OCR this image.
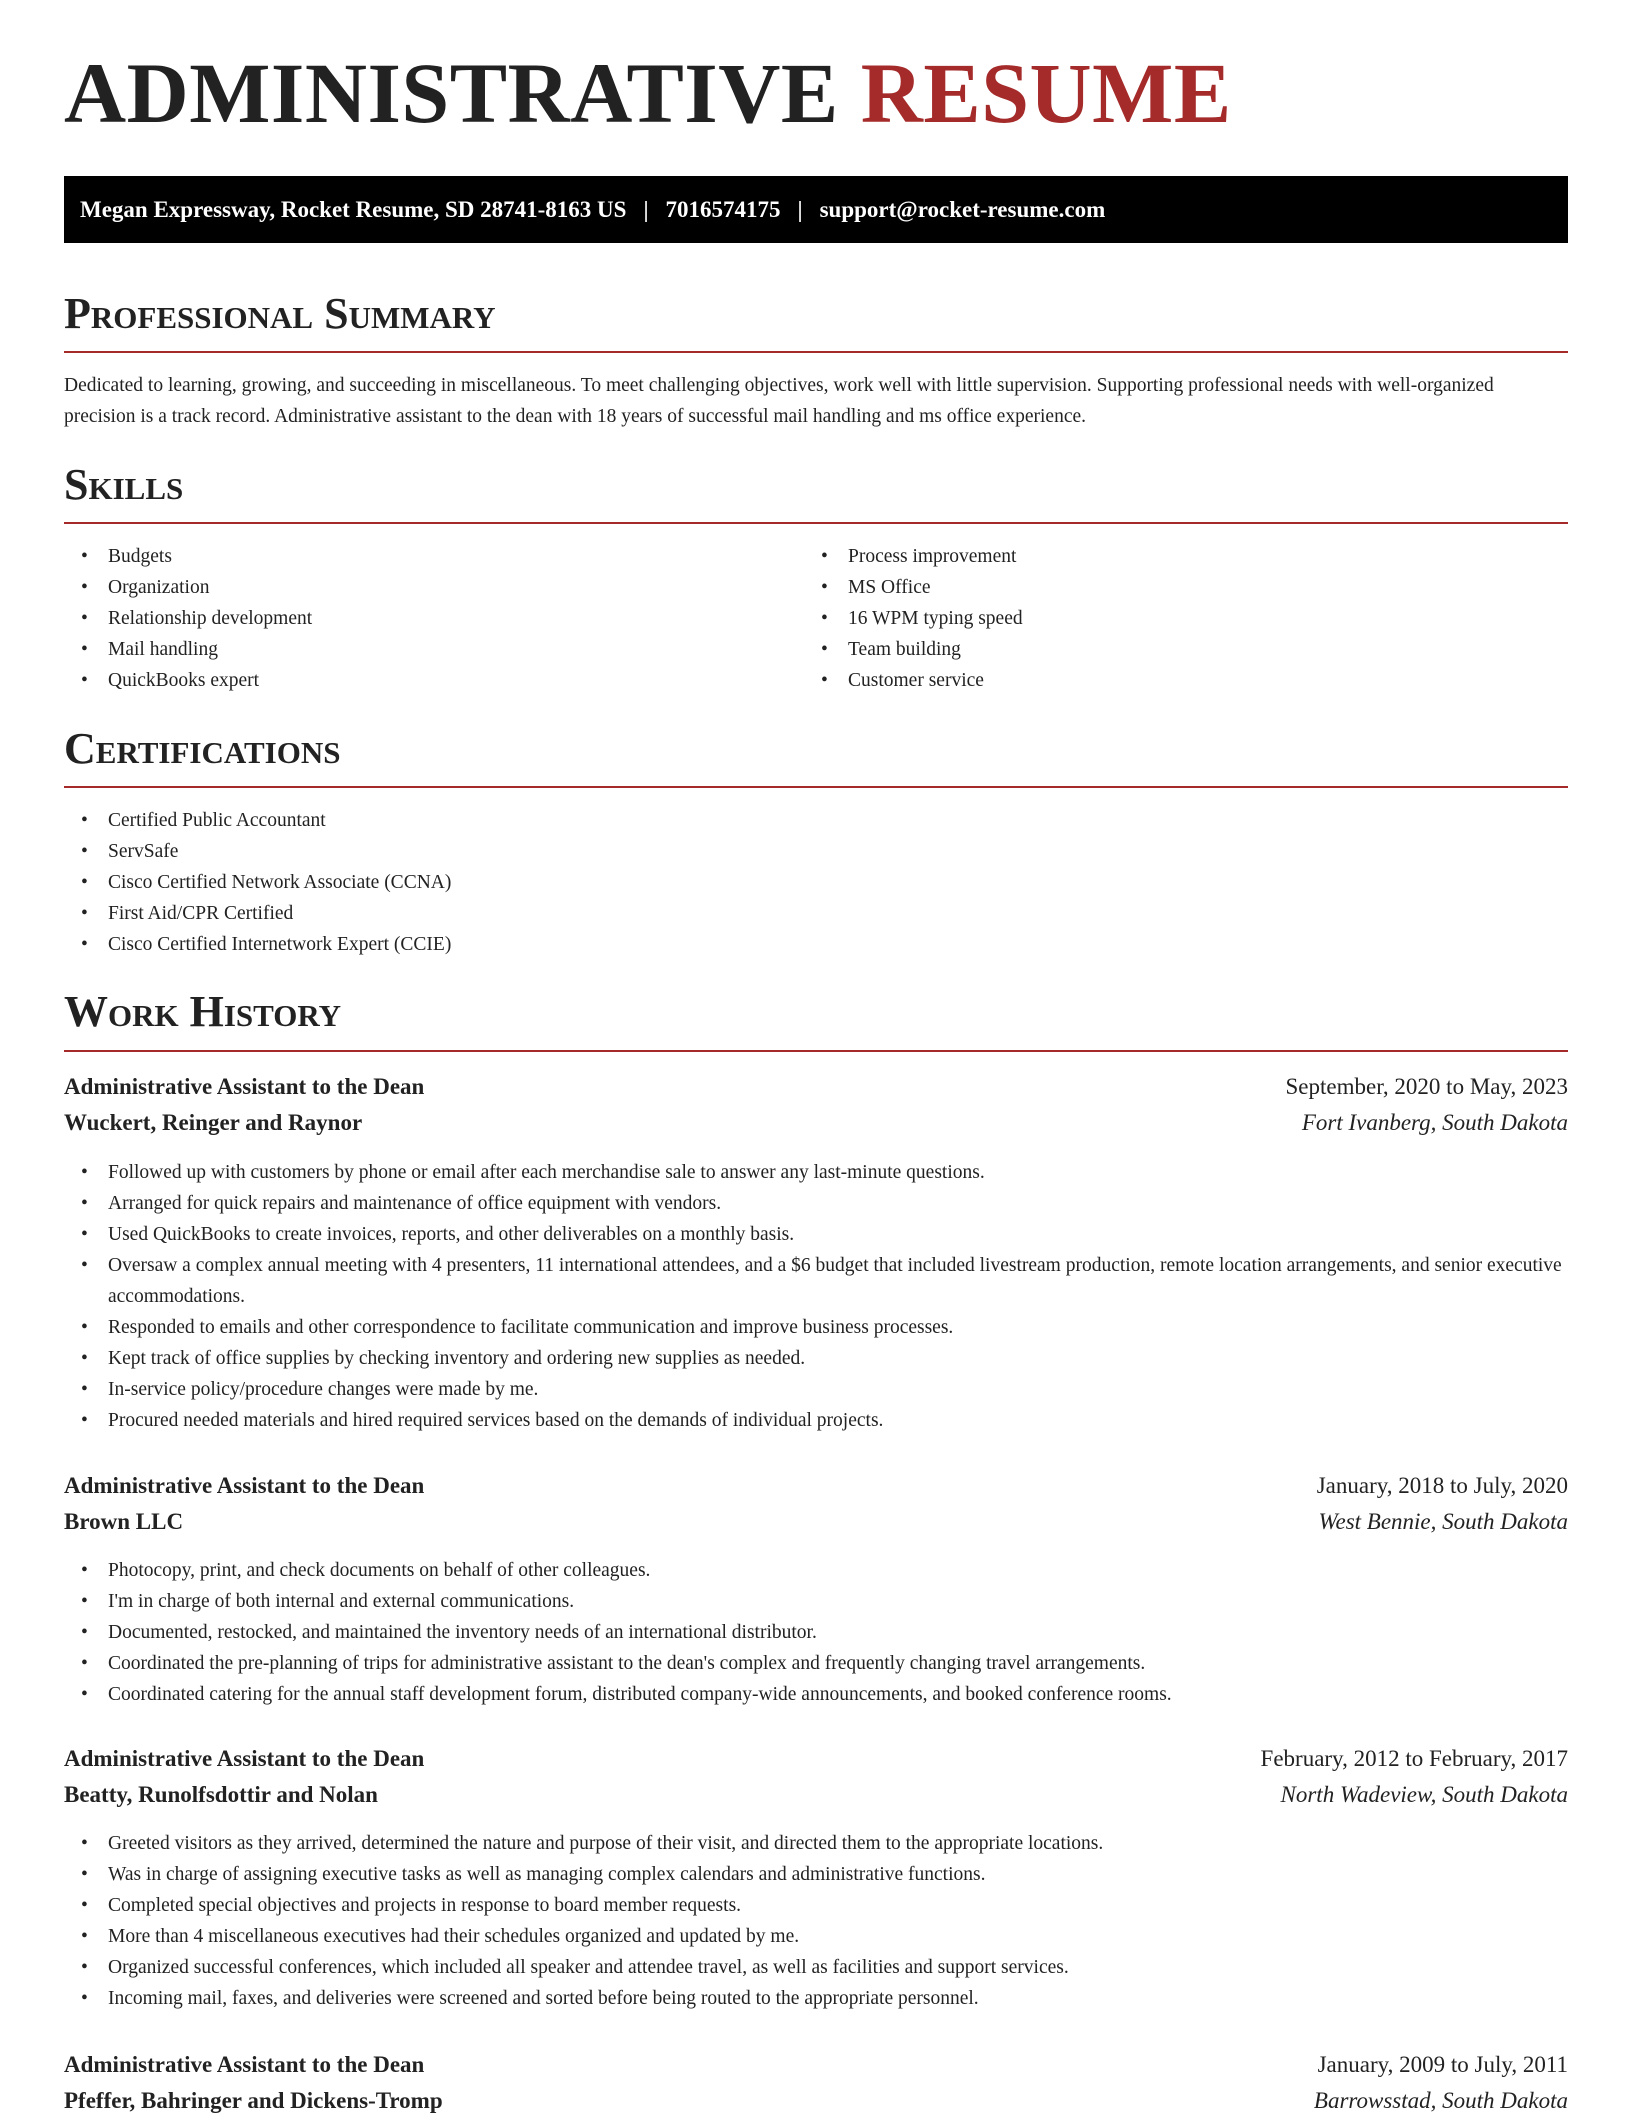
ADMINISTRATIVE RESUME
Megan Expressway, Rocket Resume, SD 28741-8163 US | 7016574175 | support@rocket-resume.com
Professional Summary

Dedicated to learning, growing, and succeeding in miscellaneous. To meet challenging objectives, work well with little supervision. Supporting professional needs with well-organized precision is a track record. Administrative assistant to the dean with 18 years of successful mail handling and ms office experience.

Skills
• Budgets
• Organization
• Relationship development
• Mail handling
• QuickBooks expert
• Process improvement
• MS Office
• 16 WPM typing speed
• Team building
• Customer service
Certifications
• Certified Public Accountant
• ServSafe
• Cisco Certified Network Associate (CCNA)
• First Aid/CPR Certified
• Cisco Certified Internetwork Expert (CCIE)
Work History
Administrative Assistant to the Dean	September, 2020 to May, 2023
Wuckert, Reinger and Raynor	Fort Ivanberg, South Dakota
• Followed up with customers by phone or email after each merchandise sale to answer any last-minute questions.
• Arranged for quick repairs and maintenance of office equipment with vendors.
• Used QuickBooks to create invoices, reports, and other deliverables on a monthly basis.
• Oversaw a complex annual meeting with 4 presenters, 11 international attendees, and a $6 budget that included livestream production, remote location arrangements, and senior executive accommodations.
• Responded to emails and other correspondence to facilitate communication and improve business processes.
• Kept track of office supplies by checking inventory and ordering new supplies as needed.
• In-service policy/procedure changes were made by me.
• Procured needed materials and hired required services based on the demands of individual projects.
Administrative Assistant to the Dean	January, 2018 to July, 2020
Brown LLC	West Bennie, South Dakota
• Photocopy, print, and check documents on behalf of other colleagues.
• I'm in charge of both internal and external communications.
• Documented, restocked, and maintained the inventory needs of an international distributor.
• Coordinated the pre-planning of trips for administrative assistant to the dean's complex and frequently changing travel arrangements.
• Coordinated catering for the annual staff development forum, distributed company-wide announcements, and booked conference rooms.
Administrative Assistant to the Dean	February, 2012 to February, 2017
Beatty, Runolfsdottir and Nolan	North Wadeview, South Dakota
• Greeted visitors as they arrived, determined the nature and purpose of their visit, and directed them to the appropriate locations.
• Was in charge of assigning executive tasks as well as managing complex calendars and administrative functions.
• Completed special objectives and projects in response to board member requests.
• More than 4 miscellaneous executives had their schedules organized and updated by me.
• Organized successful conferences, which included all speaker and attendee travel, as well as facilities and support services.
• Incoming mail, faxes, and deliveries were screened and sorted before being routed to the appropriate personnel.
Administrative Assistant to the Dean	January, 2009 to July, 2011
Pfeffer, Bahringer and Dickens-Tromp	Barrowsstad, South Dakota
